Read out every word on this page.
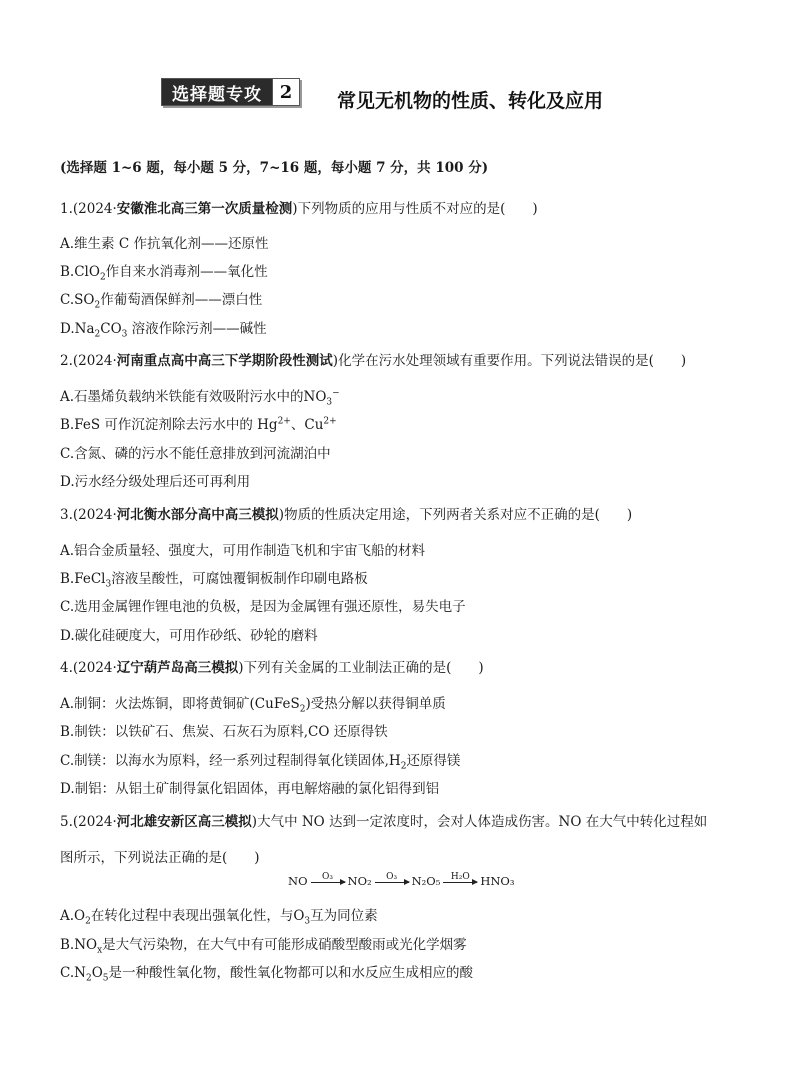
选择题专攻 2	常见无机物的性质、转化及应用
(选择题 1~6 题，每小题 5 分，7~16 题，每小题 7 分，共 100 分)
1.(2024·安徽淮北高三第一次质量检测)下列物质的应用与性质不对应的是(　　)
A.维生素 C 作抗氧化剂——还原性
B.ClO$_2$作自来水消毒剂——氧化性
$C.SO_2$作葡萄酒保鲜剂——漂白性
$D.Na_2CO_3$ 溶液作除污剂——碱性
2.(2024·河南重点高中高三下学期阶段性测试)化学在污水处理领域有重要作用。下列说法错误的是(　　)
A.石墨烯负载纳米铁能有效吸附污水中的$NO_3^-$
B.FeS 可作沉淀剂除去污水中的 $Hg^{2+}$、$Cu^{2+}$
C.含氮、磷的污水不能任意排放到河流湖泊中
D.污水经分级处理后还可再利用
3.(2024·河北衡水部分高中高三模拟)物质的性质决定用途，下列两者关系对应不正确的是(　　)
A.铝合金质量轻、强度大，可用作制造飞机和宇宙飞船的材料
B.FeCl$_3$溶液呈酸性，可腐蚀覆铜板制作印刷电路板
C.选用金属锂作锂电池的负极，是因为金属锂有强还原性，易失电子
D.碳化硅硬度大，可用作砂纸、砂轮的磨料
4.(2024·辽宁葫芦岛高三模拟)下列有关金属的工业制法正确的是(　　)
A.制铜：火法炼铜，即将黄铜矿(CuFeS$_2$)受热分解以获得铜单质
B.制铁：以铁矿石、焦炭、石灰石为原料,CO 还原得铁
C.制镁：以海水为原料，经一系列过程制得氧化镁固体$,H_2$还原得镁
D.制铝：从铝土矿制得氯化铝固体，再电解熔融的氯化铝得到铝
5.(2024·河北雄安新区高三模拟)大气中 NO 达到一定浓度时，会对人体造成伤害。NO 在大气中转化过程如
图所示，下列说法正确的是(　　)
NO O₃ NO₂ O₃ N₂O₅ H₂O HNO₃
$A.O_2$在转化过程中表现出强氧化性，与$O_3$互为同位素
$B.NO_x$是大气污染物，在大气中有可能形成硝酸型酸雨或光化学烟雾
$C.N_2O_5$是一种酸性氧化物，酸性氧化物都可以和水反应生成相应的酸
